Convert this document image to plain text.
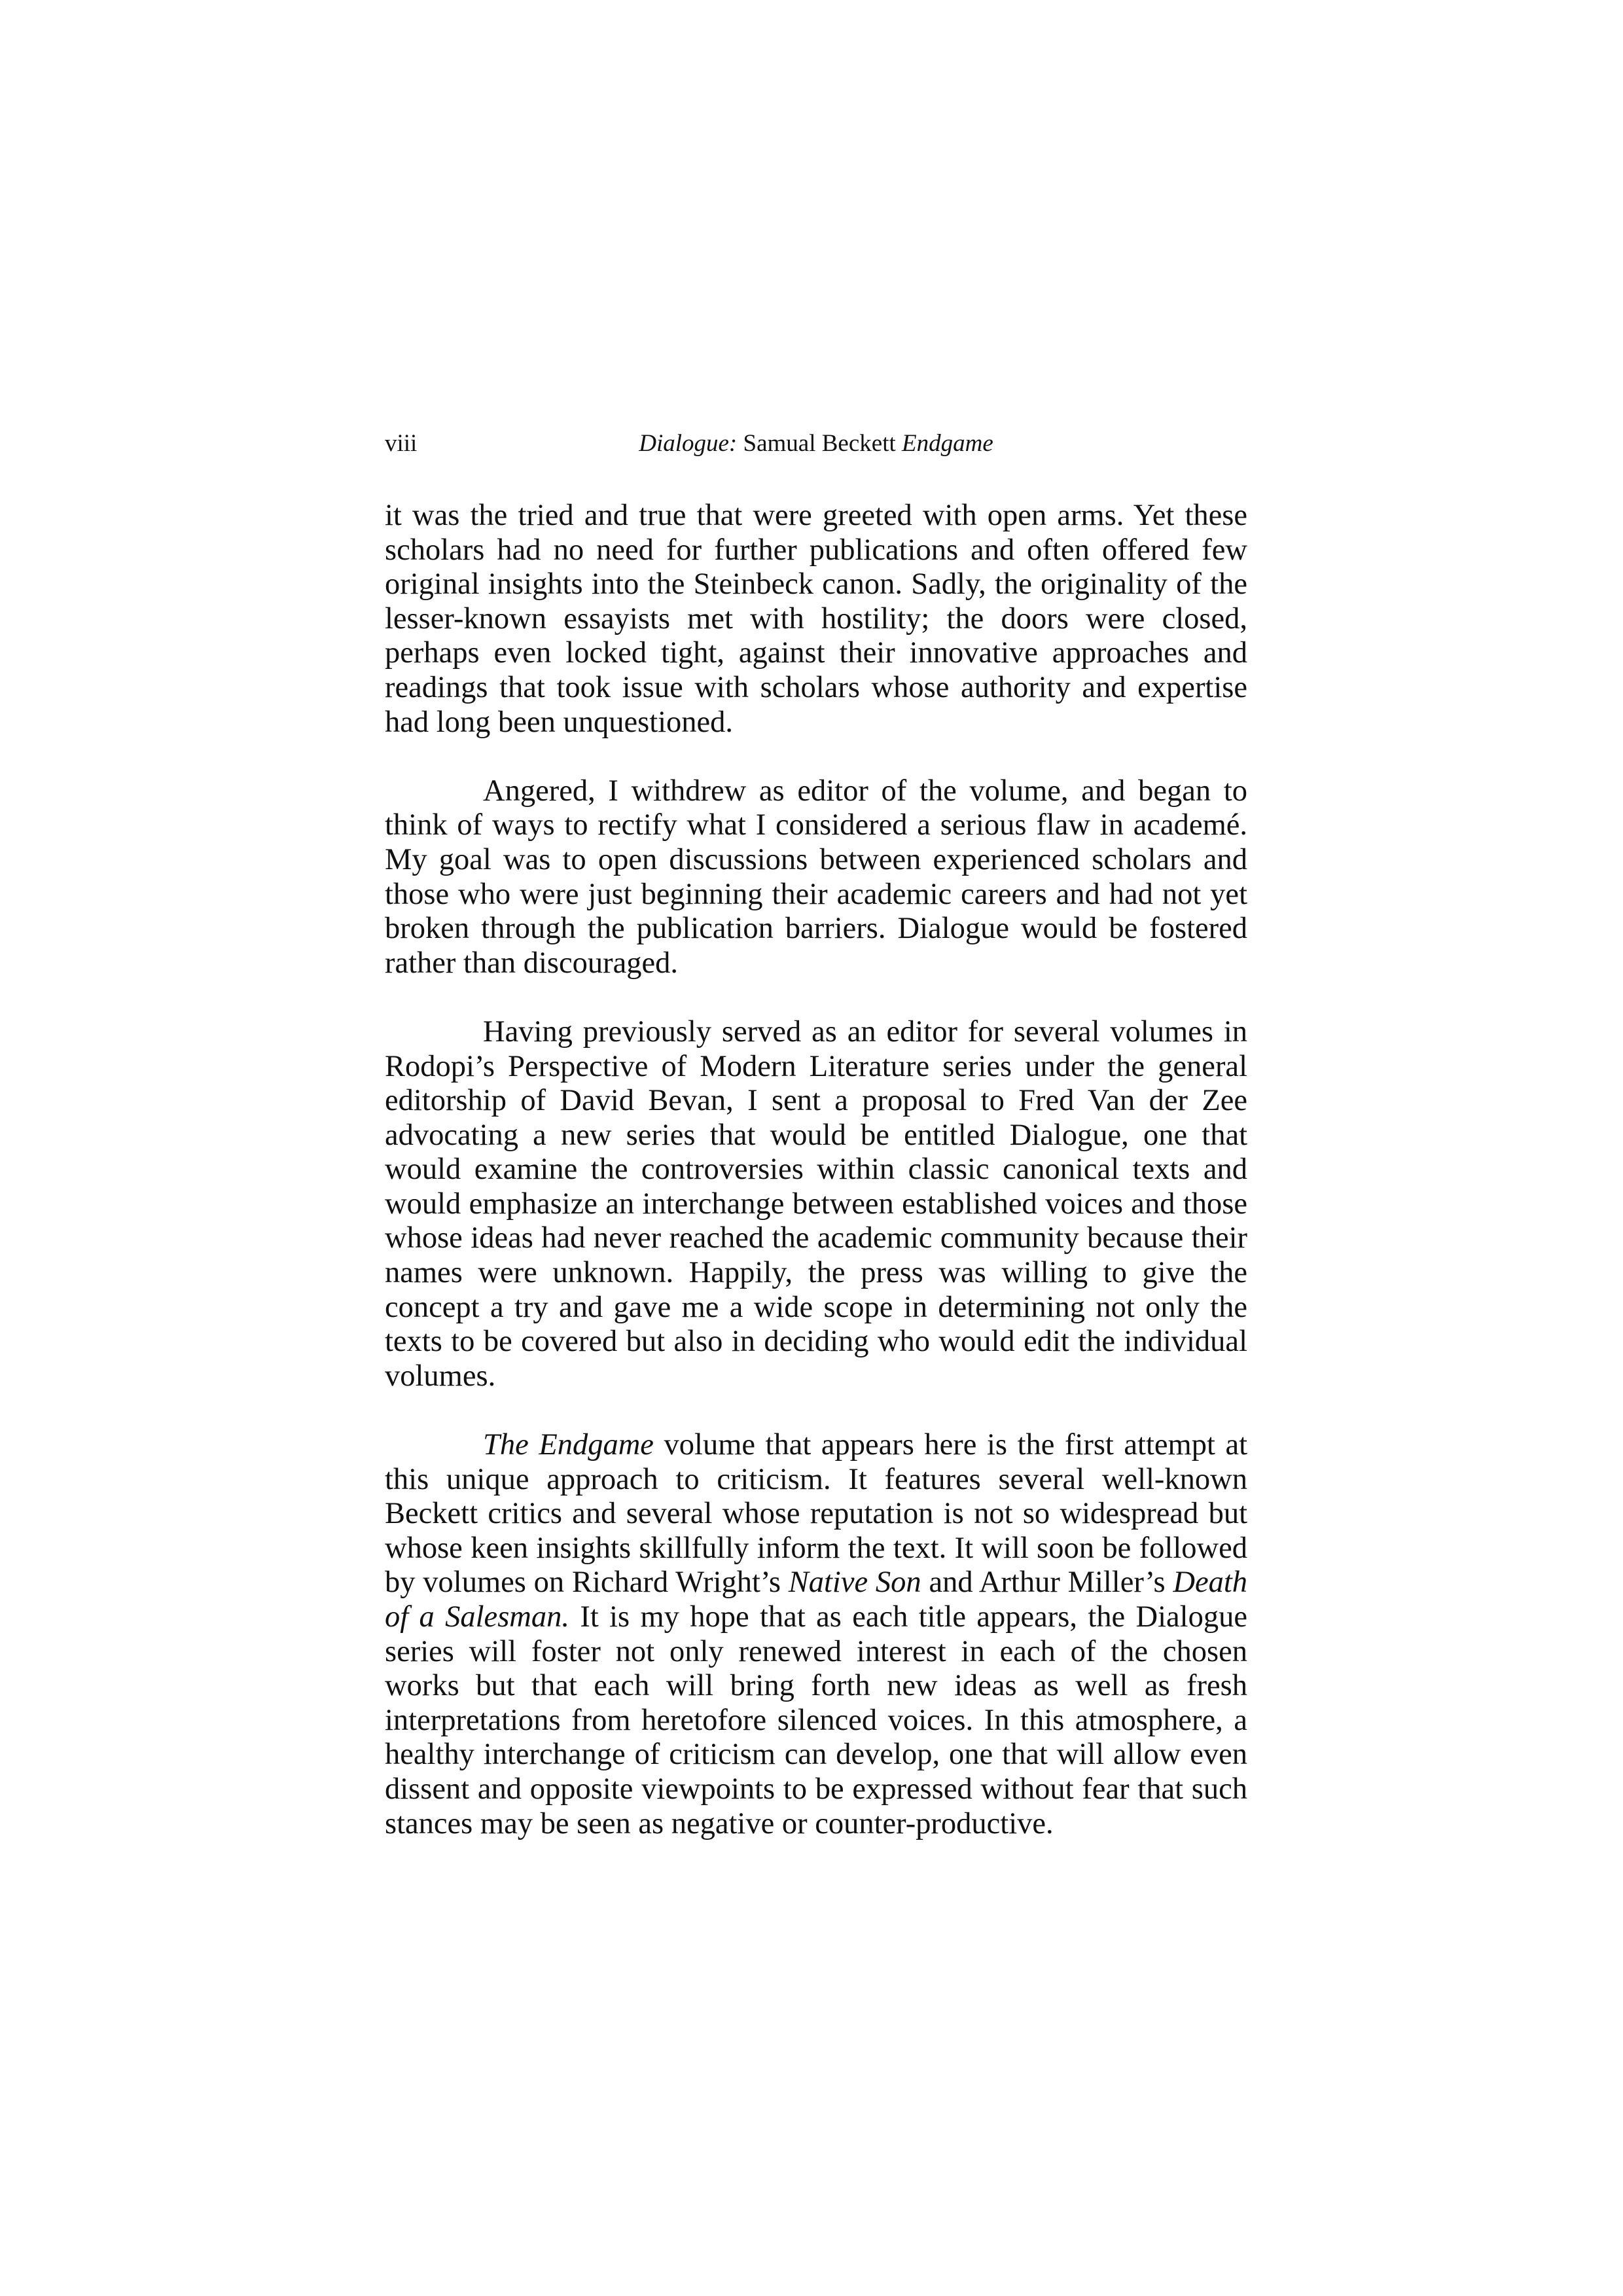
viii	Dialogue: Samual Beckett Endgame

it was the tried and true that were greeted with open arms. Yet these scholars had no need for further publications and often offered few original insights into the Steinbeck canon. Sadly, the originality of the lesser-known essayists met with hostility; the doors were closed, perhaps even locked tight, against their innovative approaches and readings that took issue with scholars whose authority and expertise had long been unquestioned.

Angered, I withdrew as editor of the volume, and began to think of ways to rectify what I considered a serious flaw in academé. My goal was to open discussions between experienced scholars and those who were just beginning their academic careers and had not yet broken through the publication barriers. Dialogue would be fostered rather than discouraged.

Having previously served as an editor for several volumes in Rodopi’s Perspective of Modern Literature series under the general editorship of David Bevan, I sent a proposal to Fred Van der Zee advocating a new series that would be entitled Dialogue, one that would examine the controversies within classic canonical texts and would emphasize an interchange between established voices and those whose ideas had never reached the academic community because their names were unknown. Happily, the press was willing to give the concept a try and gave me a wide scope in determining not only the texts to be covered but also in deciding who would edit the individual volumes.

The Endgame volume that appears here is the first attempt at this unique approach to criticism. It features several well-known Beckett critics and several whose reputation is not so widespread but whose keen insights skillfully inform the text. It will soon be followed by volumes on Richard Wright’s Native Son and Arthur Miller’s Death of a Salesman. It is my hope that as each title appears, the Dialogue series will foster not only renewed interest in each of the chosen works but that each will bring forth new ideas as well as fresh interpretations from heretofore silenced voices. In this atmosphere, a healthy interchange of criticism can develop, one that will allow even dissent and opposite viewpoints to be expressed without fear that such stances may be seen as negative or counter-productive.
